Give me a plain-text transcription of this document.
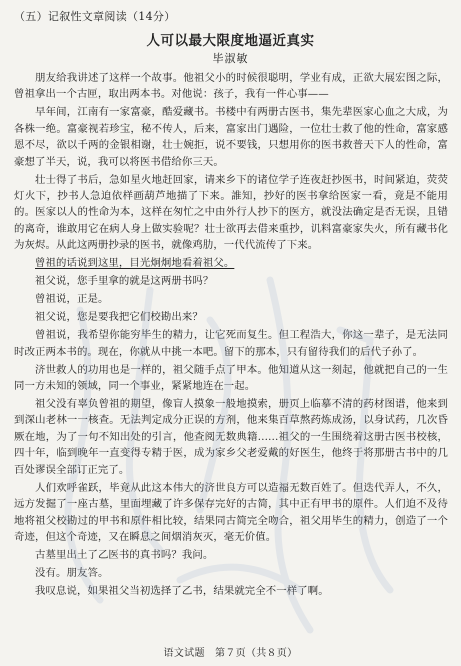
（五）记叙性文章阅读（14分）
人可以最大限度地逼近真实
毕淑敏

朋友给我讲述了这样一个故事。他祖父小的时候很聪明，学业有成，正欲大展宏图之际，曾祖拿出一个古匣，取出两本书。对他说：孩子，我有一件心事——

早年间，江南有一家富豪，酷爱藏书。书楼中有两册古医书，集先辈医家心血之大成，为各株一绝。富豪视若珍宝，秘不传人，后来，富家出门遇险，一位壮士救了他的性命，富家感恩不尽，欲以千两的金银相谢，壮士婉拒，说不要钱，只想用你的医书救普天下人的性命，富豪想了半天，说，我可以将医书借给你三天。

壮士得了书后，急如星火地赶回家，请来乡下的诸位学子连夜赶抄医书，时间紧迫，荧荧灯火下，抄书人急迫依样画葫芦地描了下来。誰知，抄好的医书拿给医家一看，竟是不能用的。医家以人的性命为本，这样在匆忙之中由外行人抄下的医方，就没法确定是否无误，且错的离奇，谁敢用它在病人身上做实验呢？壮士欲再去借来重抄，讥料富豪家失火，所有藏书化为灰烬。从此这两册抄录的医书，就像鸡肋，一代代流传了下来。

曾祖的话说到这里，目光炯炯地看着祖父。

祖父说，您手里拿的就是这两册书吗？

曾祖说，正是。

祖父说，您是要我把它们校勘出来？

曾祖说，我希望你能穷毕生的精力，让它死而复生。但工程浩大，你这一辈子，是无法同时改正两本书的。现在，你就从中挑一本吧。留下的那本，只有留待我们的后代子孙了。

济世救人的功用也是一样的，祖父随手点了甲本。他知道从这一刻起，他就把自己的一生同一方未知的领域，同一个事业，紧紧地连在一起。

祖父没有辜负曾祖的期望，像盲人摸象一般地摸索，册页上临摹不清的药材图谱，他来到到深山老林一一核查。无法判定成分正误的方剂，他来集百草熬药炼成汤，以身试药，几次昏厥在地，为了一句不知出处的引言，他查阅无数典籍……祖父的一生围绕着这册古医书校核，四十年，临到晚年一直变得专精于医，成为家乡父老爱戴的好医生，他终于将那册古书中的几百处谬误全部订正完了。

人们欢呼雀跃，毕竟从此这本伟大的济世良方可以造福无数百姓了。但迭代弄人，不久，远方发掘了一座古墓，里面埋藏了许多保存完好的古简，其中正有甲书的原件。人们迫不及待地将祖父校勘过的甲书和原件相比较，结果同古简完全吻合，祖父用毕生的精力，创造了一个奇迹，但这个奇迹，又在瞬息之间烟消灰灭，毫无价值。

古墓里出土了乙医书的真书吗？我问。

没有。朋友答。

我叹息说，如果祖父当初选择了乙书，结果就完全不一样了啊。

语文试题　第７页（共８页）
